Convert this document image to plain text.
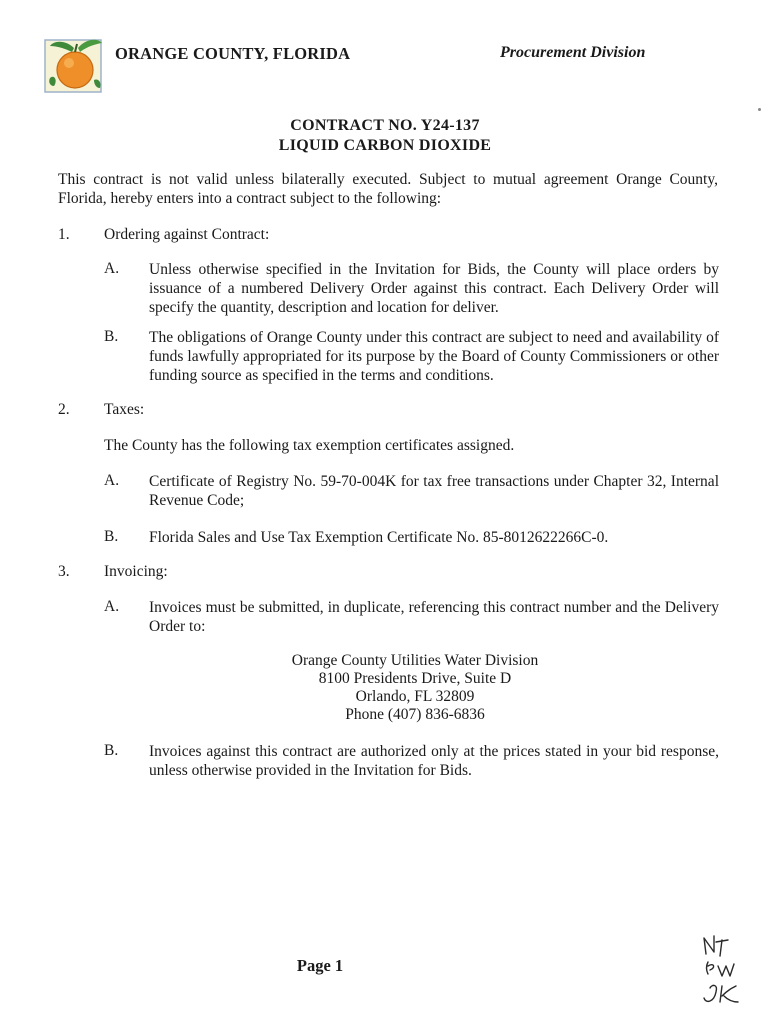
ORANGE COUNTY, FLORIDA	Procurement Division
CONTRACT NO. Y24-137
LIQUID CARBON DIOXIDE
This contract is not valid unless bilaterally executed. Subject to mutual agreement Orange County, Florida, hereby enters into a contract subject to the following:
1. Ordering against Contract:
A. Unless otherwise specified in the Invitation for Bids, the County will place orders by issuance of a numbered Delivery Order against this contract. Each Delivery Order will specify the quantity, description and location for deliver.
B. The obligations of Orange County under this contract are subject to need and availability of funds lawfully appropriated for its purpose by the Board of County Commissioners or other funding source as specified in the terms and conditions.
2. Taxes:
The County has the following tax exemption certificates assigned.
A. Certificate of Registry No. 59-70-004K for tax free transactions under Chapter 32, Internal Revenue Code;
B. Florida Sales and Use Tax Exemption Certificate No. 85-8012622266C-0.
3. Invoicing:
A. Invoices must be submitted, in duplicate, referencing this contract number and the Delivery Order to:
Orange County Utilities Water Division
8100 Presidents Drive, Suite D
Orlando, FL 32809
Phone (407) 836-6836
B. Invoices against this contract are authorized only at the prices stated in your bid response, unless otherwise provided in the Invitation for Bids.
Page 1
